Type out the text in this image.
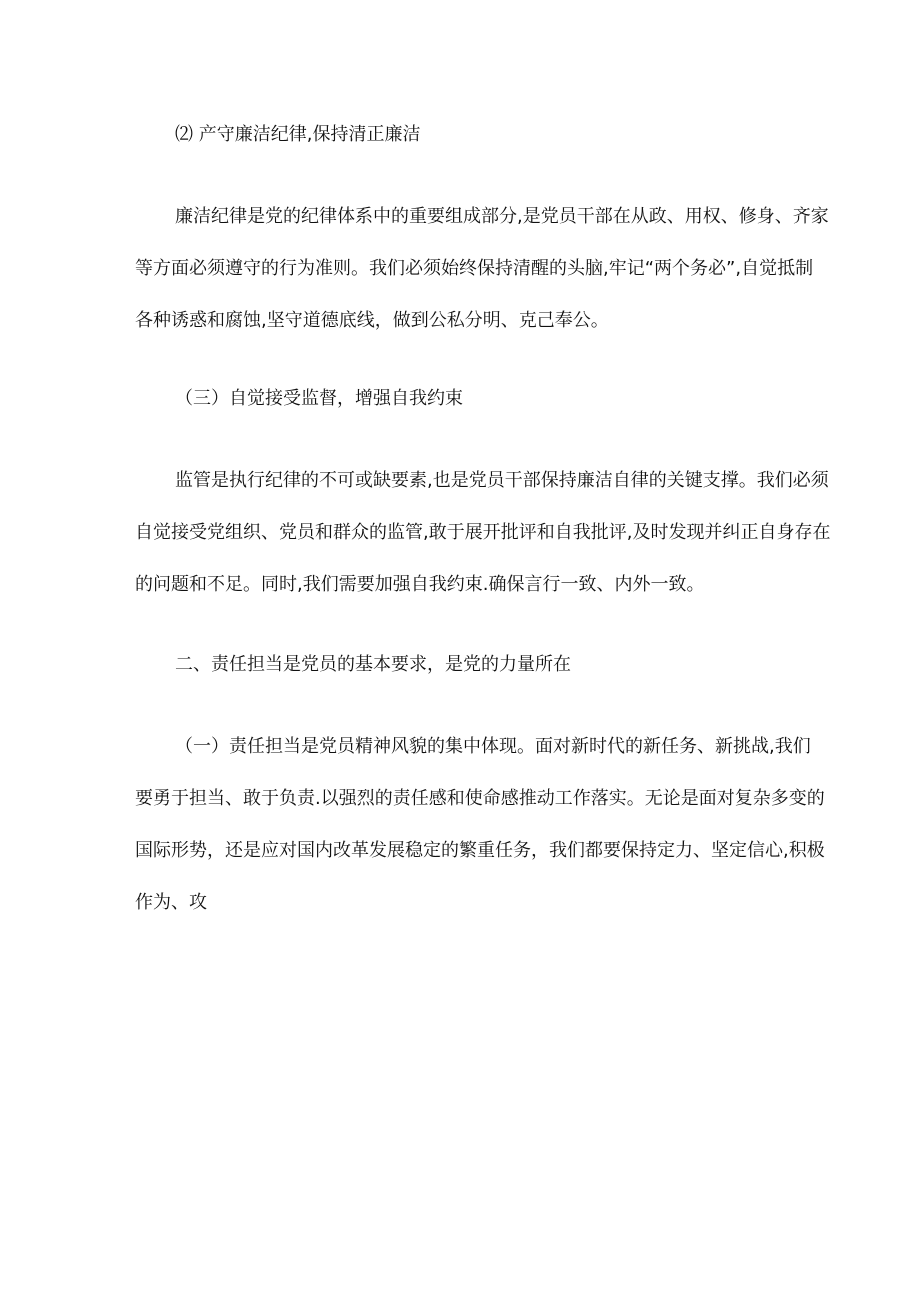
⑵ 产守廉洁纪律,保持清正廉洁
廉洁纪律是党的纪律体系中的重要组成部分,是党员干部在从政、用权、修身、齐家
等方面必须遵守的行为准则。我们必须始终保持清醒的头脑,牢记“两个务必”,自觉抵制
各种诱惑和腐蚀,坚守道德底线，做到公私分明、克己奉公。
（三）自觉接受监督，增强自我约束
监管是执行纪律的不可或缺要素,也是党员干部保持廉洁自律的关键支撑。我们必须
自觉接受党组织、党员和群众的监管,敢于展开批评和自我批评,及时发现并纠正自身存在
的问题和不足。同时,我们需要加强自我约束.确保言行一致、内外一致。
二、责任担当是党员的基本要求，是党的力量所在
（一）责任担当是党员精神风貌的集中体现。面对新时代的新任务、新挑战,我们
要勇于担当、敢于负责.以强烈的责任感和使命感推动工作落实。无论是面对复杂多变的
国际形势，还是应对国内改革发展稳定的繁重任务，我们都要保持定力、坚定信心,积极
作为、攻
